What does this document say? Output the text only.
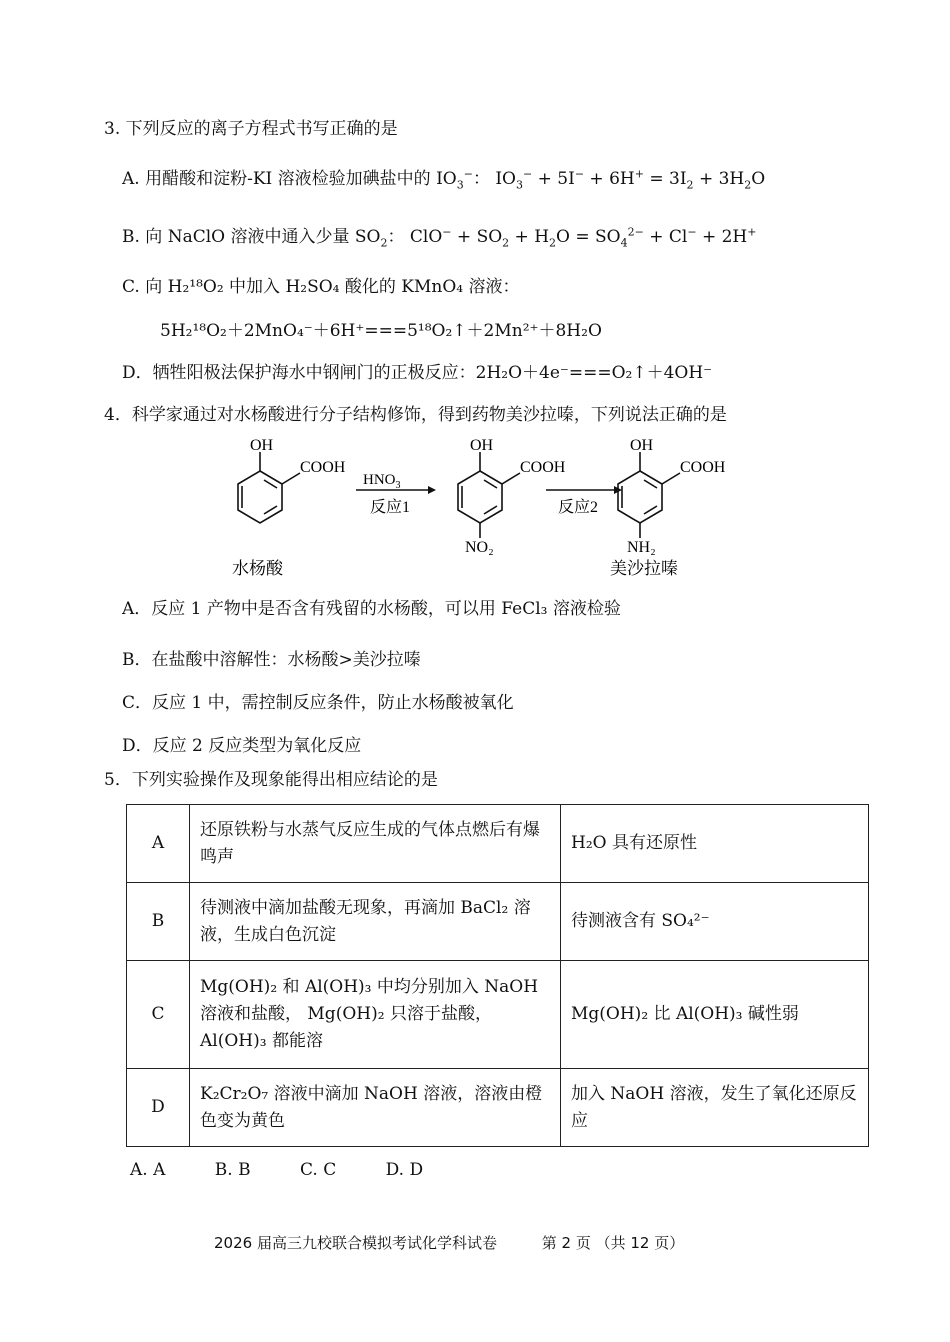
3. 下列反应的离子方程式书写正确的是
A. 用醋酸和淀粉-KI 溶液检验加碘盐中的 $IO_3^-$： $IO_3^- + 5I^- + 6H^+ = 3I_2 + 3H_2O$
B. 向 NaClO 溶液中通入少量 $SO_2$： $ClO^- + SO_2 + H_2O = SO_4^{2-} + Cl^- + 2H^+$
C. 向 H₂¹⁸O₂ 中加入 H₂SO₄ 酸化的 KMnO₄ 溶液：
5H₂¹⁸O₂＋2MnO₄⁻＋6H⁺===5¹⁸O₂↑＋2Mn²⁺＋8H₂O
D．牺牲阳极法保护海水中钢闸门的正极反应：2H₂O＋4e⁻===O₂↑＋4OH⁻
4．科学家通过对水杨酸进行分子结构修饰，得到药物美沙拉嗪，下列说法正确的是
OH
COOH
$HNO_3$
反应1
OH
COOH
NO₂
反应2
OH
COOH
NH₂
水杨酸	美沙拉嗪
A．反应 1 产物中是否含有残留的水杨酸，可以用 FeCl₃ 溶液检验
B．在盐酸中溶解性：水杨酸>美沙拉嗪
C．反应 1 中，需控制反应条件，防止水杨酸被氧化
D．反应 2 反应类型为氧化反应
5．下列实验操作及现象能得出相应结论的是
A	还原铁粉与水蒸气反应生成的气体点燃后有爆鸣声	H₂O 具有还原性
B	待测液中滴加盐酸无现象，再滴加 BaCl₂ 溶液，生成白色沉淀	待测液含有 SO₄²⁻
C	Mg(OH)₂ 和 Al(OH)₃ 中均分别加入 NaOH 溶液和盐酸， Mg(OH)₂ 只溶于盐酸， Al(OH)₃ 都能溶	Mg(OH)₂ 比 Al(OH)₃ 碱性弱
D	K₂Cr₂O₇ 溶液中滴加 NaOH 溶液，溶液由橙色变为黄色	加入 NaOH 溶液，发生了氧化还原反应
A. A	B. B	C. C	D. D
2026 届高三九校联合模拟考试化学科试卷	第 2 页 （共 12 页）
